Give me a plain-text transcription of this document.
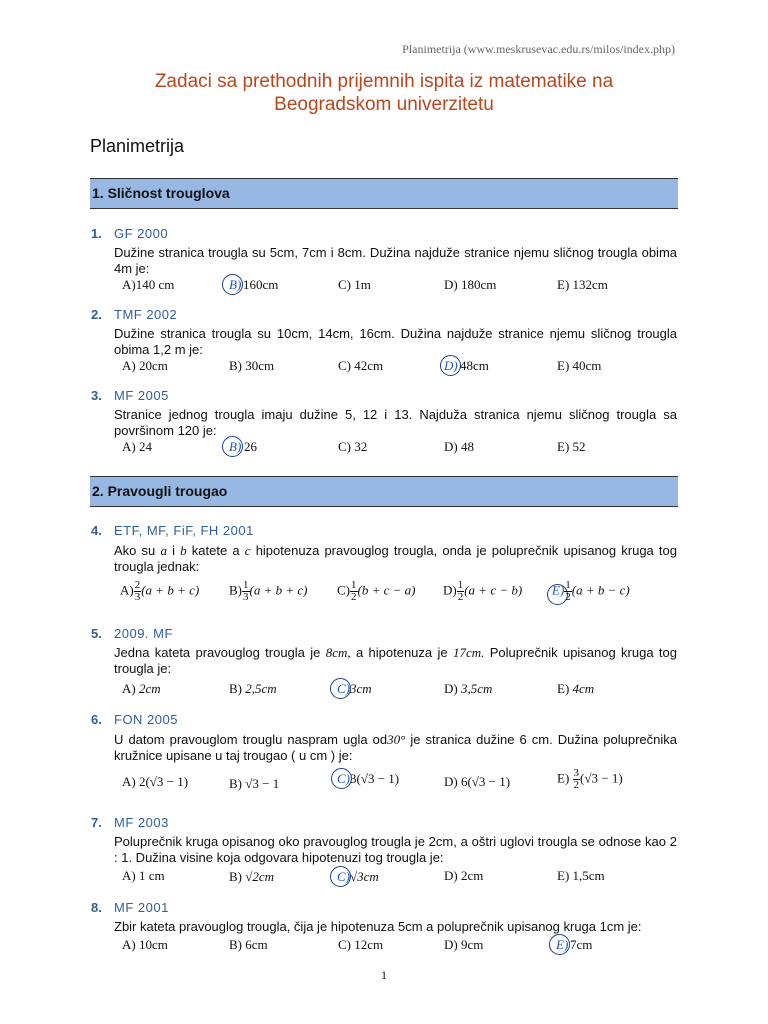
Planimetrija (www.meskrusevac.edu.rs/milos/index.php)
Zadaci sa prethodnih prijemnih ispita iz matematike na
Beogradskom univerzitetu
Planimetrija
1. Sličnost trouglova
1. GF 2000
Dužine stranica trougla su 5cm, 7cm i 8cm. Dužina najduže stranice njemu sličnog trougla obima 4m je:
A)140 cm	B) 160cm	C) 1m	D) 180cm	E) 132cm
2. TMF 2002
Dužine stranica trougla su 10cm, 14cm, 16cm. Dužina najduže stranice njemu sličnog trougla obima 1,2 m je:
A) 20cm	B) 30cm	C) 42cm	D) 48cm	E) 40cm
3. MF 2005
Stranice jednog trougla imaju dužine 5, 12 i 13. Najduža stranica njemu sličnog trougla sa površinom 120 je:
A) 24	B) 26	C) 32	D) 48	E) 52
2. Pravougli trougao
4. ETF, MF, FiF, FH 2001
Ako su a i b katete a c hipotenuza pravouglog trougla, onda je poluprečnik upisanog kruga tog trougla jednak:
$A) \frac{2}{3} (a + b + c)$ $B) \frac{1}{3} (a + b + c)$ $C) \frac{1}{2} (b + c - a)$ $D) \frac{1}{2} (a + c - b)$ $E) \frac{1}{2} (a + b - c)$
5. 2009. MF
Jedna kateta pravouglog trougla je 8cm, a hipotenuza je 17cm. Poluprečnik upisanog kruga tog trougla je:
A) 2cm	B) 2,5cm	C)3cm	D) 3,5cm	E) 4cm
6. FON 2005
U datom pravouglom trouglu naspram ugla od30° je stranica dužine 6 cm. Dužina poluprečnika kružnice upisane u taj trougao ( u cm ) je:
A) 2(√3 − 1)	B) √3 − 1	C)3(√3 − 1)	D) 6(√3 − 1)	$E) \frac{3}{2} (√3 - 1)$
7. MF 2003
Poluprečnik kruga opisanog oko pravouglog trougla je 2cm, a oštri uglovi trougla se odnose kao 2 : 1. Dužina visine koja odgovara hipotenuzi tog trougla je:
A) 1 cm	B) √2cm	C)√3cm	D) 2cm	E) 1,5cm
8. MF 2001
Zbir kateta pravouglog trougla, čija je hipotenuza 5cm a poluprečnik upisanog kruga 1cm je:
A) 10cm	B) 6cm	C) 12cm	D) 9cm	E) 7cm
1
